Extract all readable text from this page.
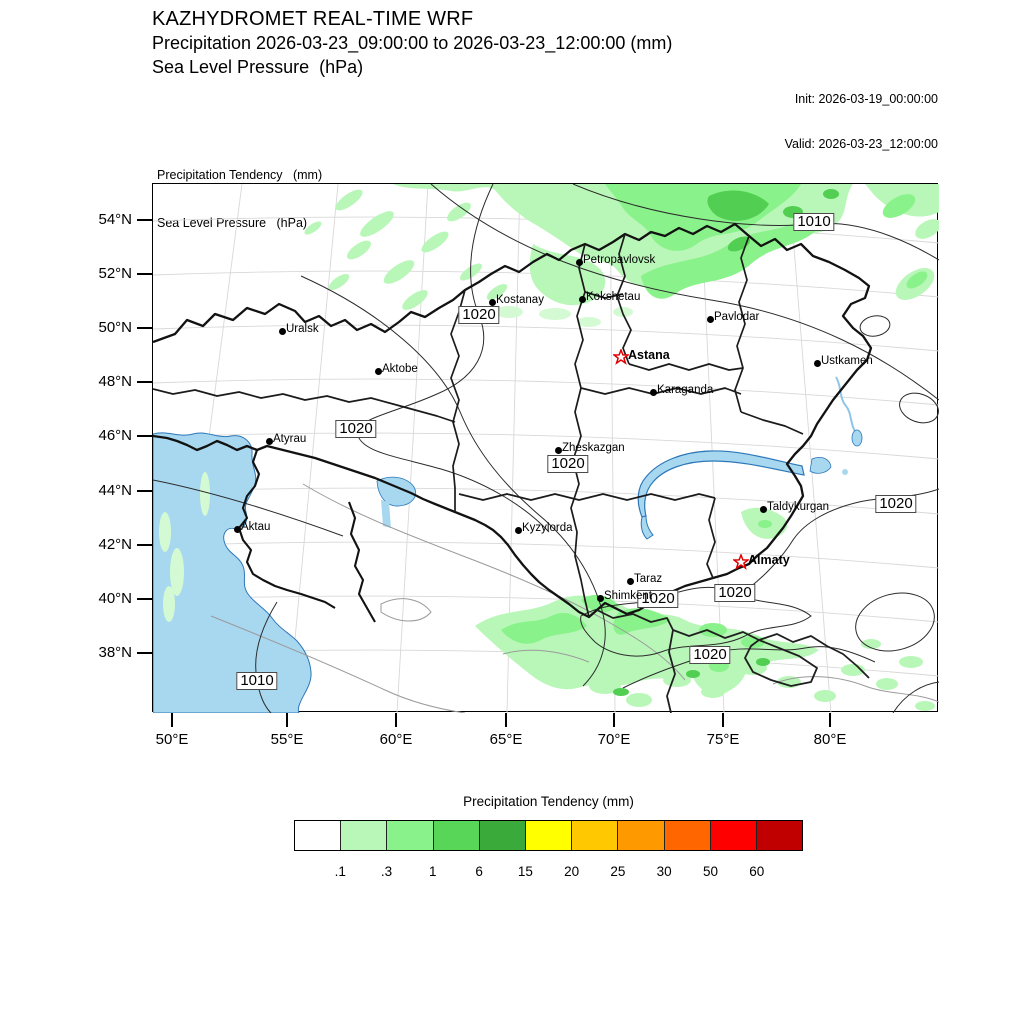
KAZHYDROMET REAL-TIME WRF
Precipitation 2026-03-23_09:00:00 to 2026-03-23_12:00:00 (mm)
Sea Level Pressure  (hPa)

Init: 2026-03-19_00:00:00

Valid: 2026-03-23_12:00:00

Precipitation Tendency   (mm)

Sea Level Pressure   (hPa)

	1010
1020
1020
1020
1020
1020	1020
1020
1010
Petropavlovsk
Kostanay	Kokshetau
Pavlodar
Uralsk
Astana
Aktobe
Ustkamen
Karaganda
Atyrau
Zheskazgan
Aktau	Kyzylorda
Taldykurgan
Almaty
Taraz
Shimkent
54°N
52°N
50°N
48°N
46°N
44°N
42°N
40°N
38°N
50°E	55°E	60°E	65°E	70°E	75°E	80°E
Precipitation Tendency (mm)
.1	.3	1	6	15 20 25 30 50 60
